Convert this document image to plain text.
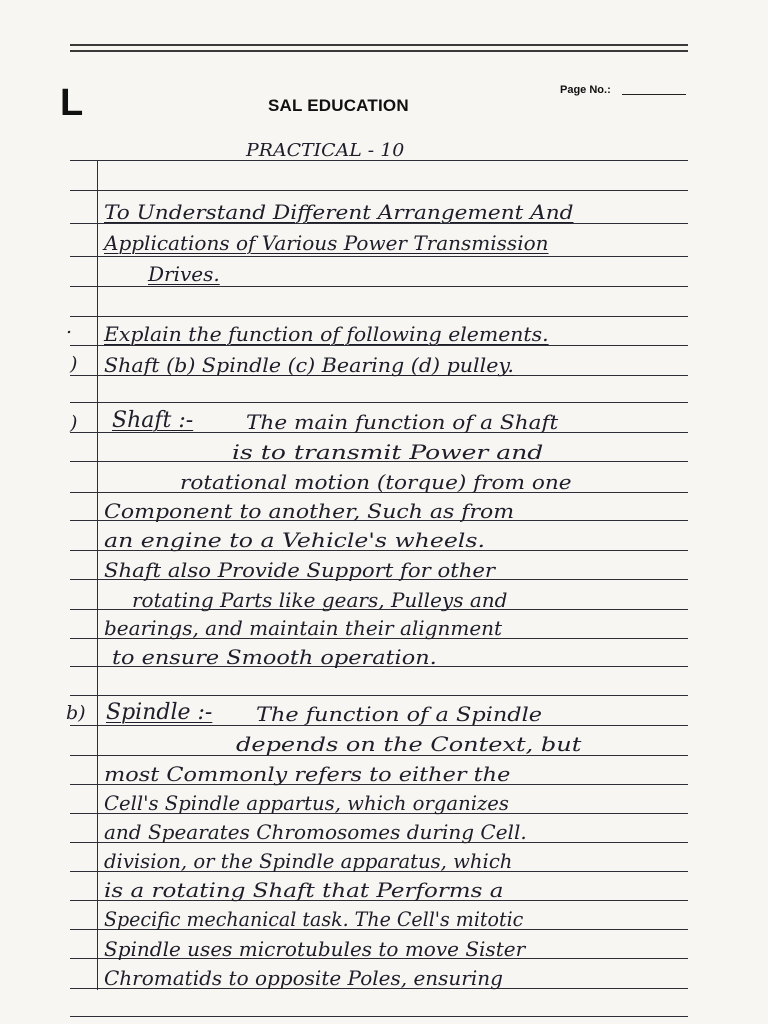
L	SAL EDUCATION
Page No.:
PRACTICAL - 10
To Understand Different Arrangement And
Applications of Various Power Transmission
Drives.
. Explain the function of following elements.
) Shaft (b) Spindle (c) Bearing (d) pulley.
) Shaft :-	The main function of a Shaft
is to transmit Power and
rotational motion (torque) from one
Component to another, Such as from
an engine to a Vehicle's wheels.
Shaft also Provide Support for other
rotating Parts like gears, Pulleys and
bearings, and maintain their alignment
to ensure Smooth operation.
b) Spindle :- The function of a Spindle
depends on the Context, but
most Commonly refers to either the
Cell's Spindle appartus, which organizes
and Spearates Chromosomes during Cell.
division, or the Spindle apparatus, which
is a rotating Shaft that Performs a
Specific mechanical task. The Cell's mitotic
Spindle uses microtubules to move Sister
Chromatids to opposite Poles, ensuring
